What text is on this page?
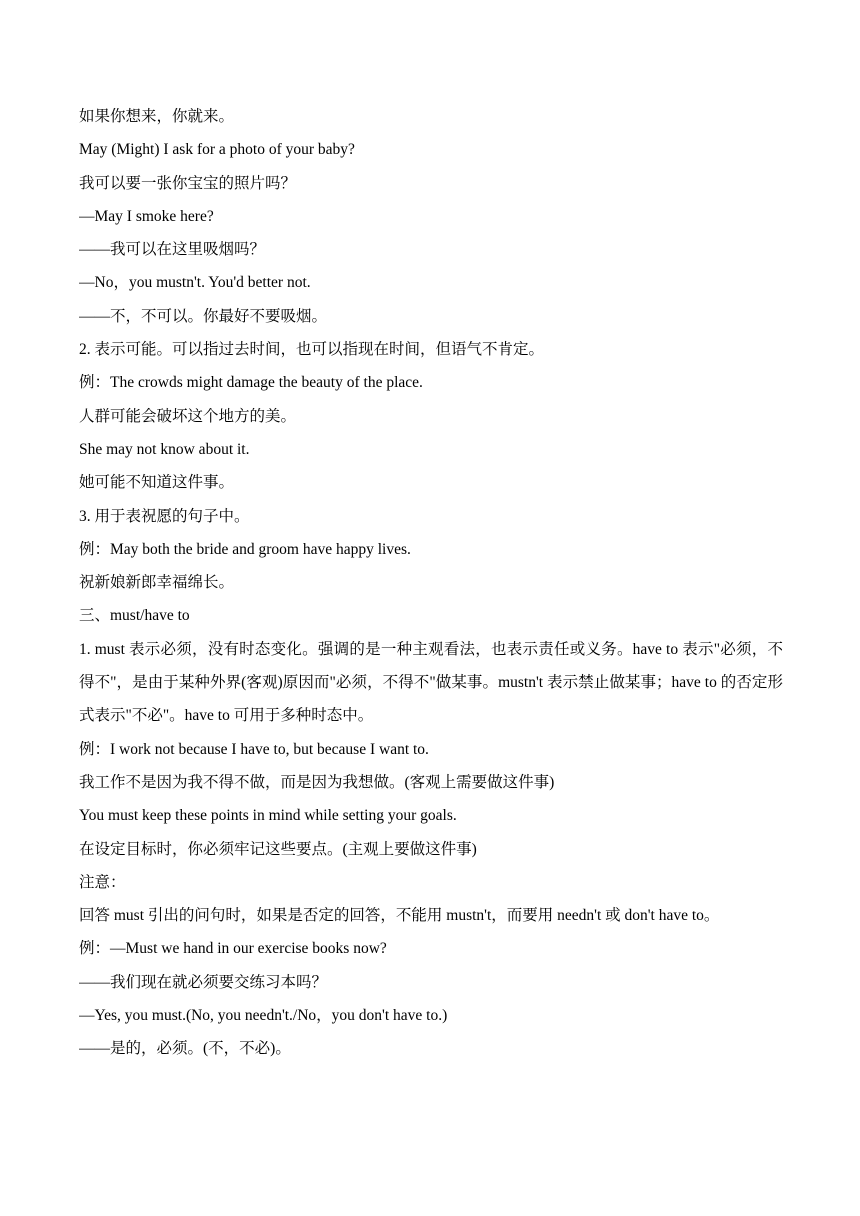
如果你想来，你就来。
May (Might) I ask for a photo of your baby?
我可以要一张你宝宝的照片吗？
—May I smoke here?
——我可以在这里吸烟吗？
—No，you mustn't. You'd better not.
——不，不可以。你最好不要吸烟。
2. 表示可能。可以指过去时间，也可以指现在时间，但语气不肯定。
例：The crowds might damage the beauty of the place.
人群可能会破坏这个地方的美。
She may not know about it.
她可能不知道这件事。
3. 用于表祝愿的句子中。
例：May both the bride and groom have happy lives.
祝新娘新郎幸福绵长。
三、must/have to

1. must 表示必须，没有时态变化。强调的是一种主观看法，也表示责任或义务。have to 表示"必须，不得不"，是由于某种外界(客观)原因而"必须，不得不"做某事。mustn't 表示禁止做某事；have to 的否定形式表示"不必"。have to 可用于多种时态中。

例：I work not because I have to, but because I want to.
我工作不是因为我不得不做，而是因为我想做。(客观上需要做这件事)
You must keep these points in mind while setting your goals.
在设定目标时，你必须牢记这些要点。(主观上要做这件事)
注意：

回答 must 引出的问句时，如果是否定的回答，不能用 mustn't，而要用 needn't 或 don't have to。

例：—Must we hand in our exercise books now?
——我们现在就必须要交练习本吗？
—Yes, you must.(No, you needn't./No，you don't have to.)
——是的，必须。(不，不必)。
